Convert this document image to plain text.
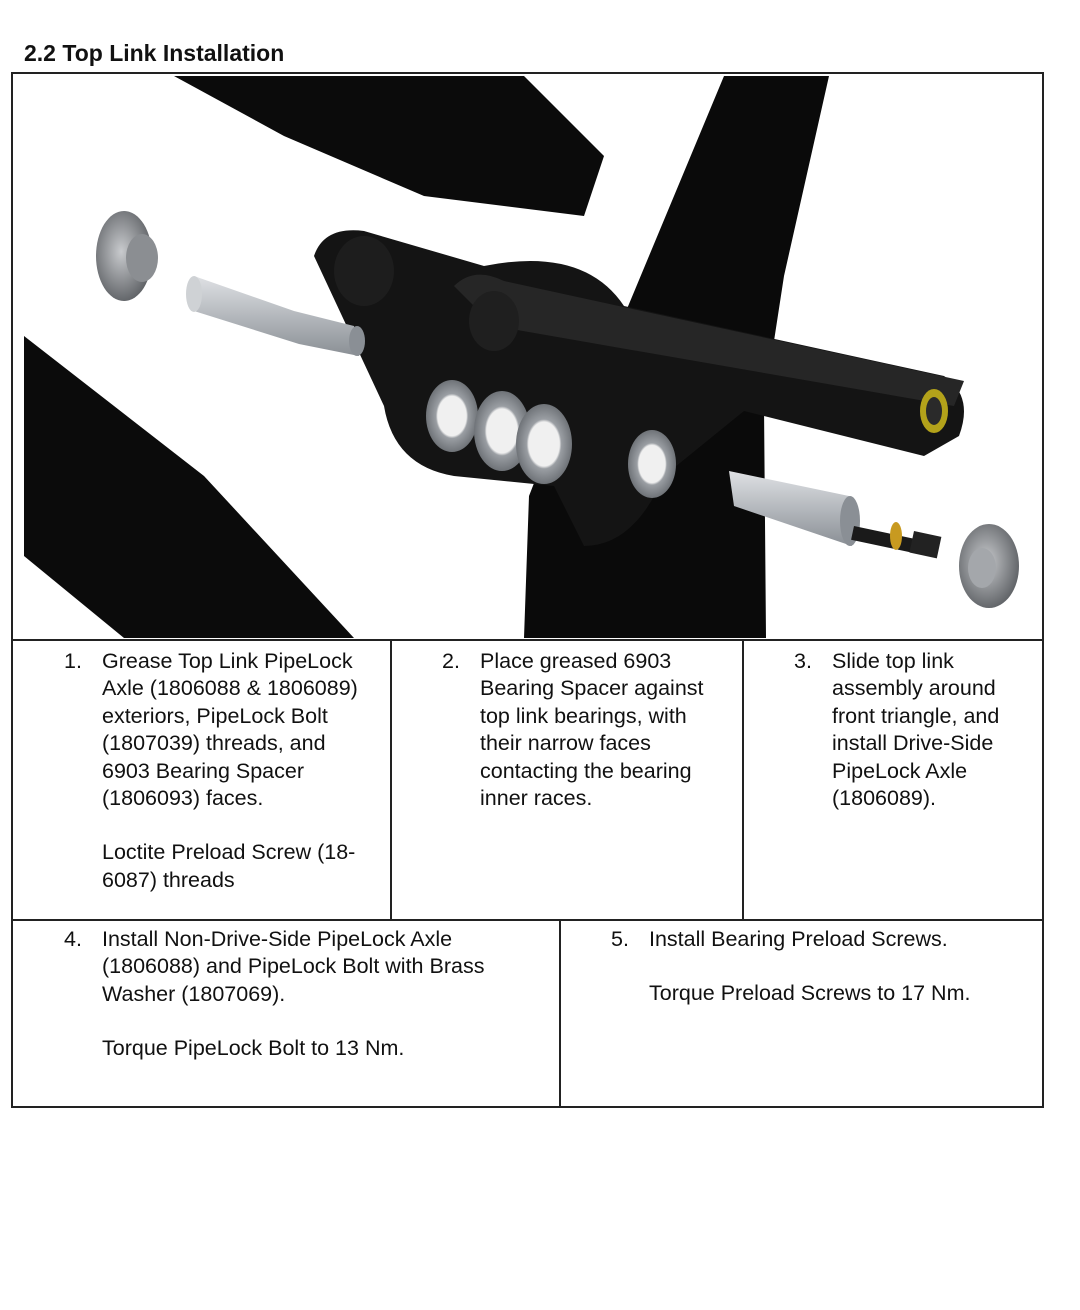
2.2 Top Link Installation
1. Grease Top Link PipeLock Axle (1806088 & 1806089) exteriors, PipeLock Bolt (1807039) threads, and 6903 Bearing Spacer (1806093) faces.

Loctite Preload Screw (18-6087) threads

2. Place greased 6903 Bearing Spacer against top link bearings, with their narrow faces contacting the bearing inner races.

3. Slide top link assembly around front triangle, and install Drive-Side PipeLock Axle (1806089).

4. Install Non-Drive-Side PipeLock Axle (1806088) and PipeLock Bolt with Brass Washer (1807069).

Torque PipeLock Bolt to 13 Nm.

5. Install Bearing Preload Screws.

Torque Preload Screws to 17 Nm.
